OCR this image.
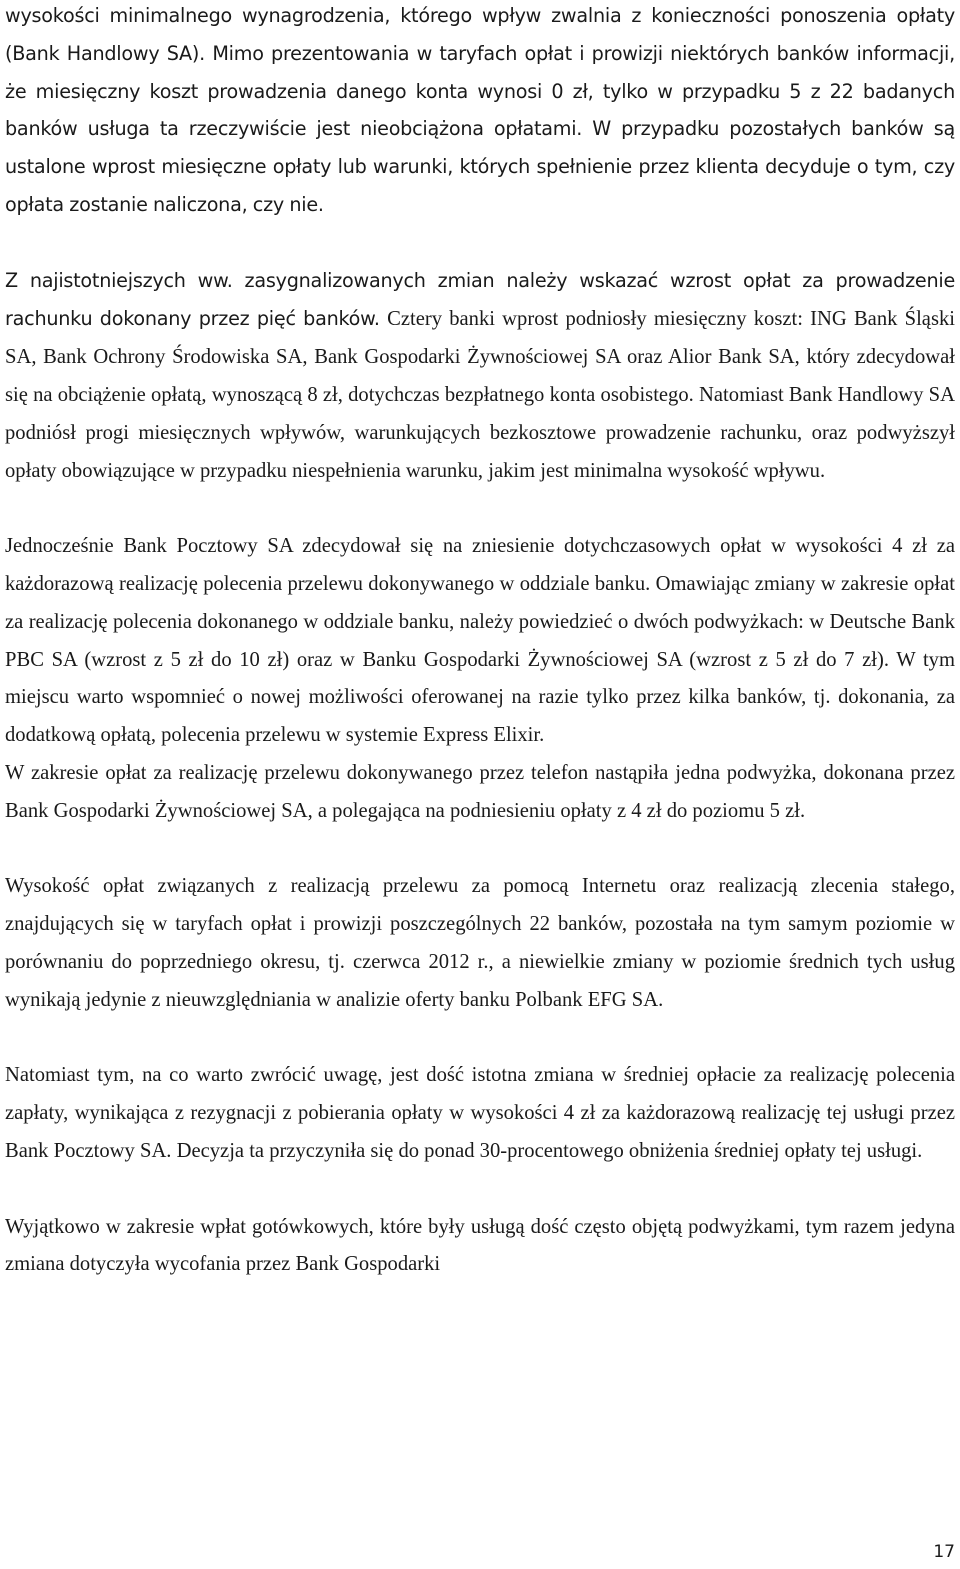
wysokości minimalnego wynagrodzenia, którego wpływ zwalnia z konieczności ponoszenia opłaty (Bank Handlowy SA). Mimo prezentowania w taryfach opłat i prowizji niektórych banków informacji, że miesięczny koszt prowadzenia danego konta wynosi 0 zł, tylko w przypadku 5 z 22 badanych banków usługa ta rzeczywiście jest nieobciążona opłatami. W przypadku pozostałych banków są ustalone wprost miesięczne opłaty lub warunki, których spełnienie przez klienta decyduje o tym, czy opłata zostanie naliczona, czy nie.

Z najistotniejszych ww. zasygnalizowanych zmian należy wskazać wzrost opłat za prowadzenie rachunku dokonany przez pięć banków. Cztery banki wprost podniosły miesięczny koszt: ING Bank Śląski SA, Bank Ochrony Środowiska SA, Bank Gospodarki Żywnościowej SA oraz Alior Bank SA, który zdecydował się na obciążenie opłatą, wynoszącą 8 zł, dotychczas bezpłatnego konta osobistego. Natomiast Bank Handlowy SA podniósł progi miesięcznych wpływów, warunkujących bezkosztowe prowadzenie rachunku, oraz podwyższył opłaty obowiązujące w przypadku niespełnienia warunku, jakim jest minimalna wysokość wpływu.

Jednocześnie Bank Pocztowy SA zdecydował się na zniesienie dotychczasowych opłat w wysokości 4 zł za każdorazową realizację polecenia przelewu dokonywanego w oddziale banku. Omawiając zmiany w zakresie opłat za realizację polecenia dokonanego w oddziale banku, należy powiedzieć o dwóch podwyżkach: w Deutsche Bank PBC SA (wzrost z 5 zł do 10 zł) oraz w Banku Gospodarki Żywnościowej SA (wzrost z 5 zł do 7 zł). W tym miejscu warto wspomnieć o nowej możliwości oferowanej na razie tylko przez kilka banków, tj. dokonania, za dodatkową opłatą, polecenia przelewu w systemie Express Elixir.

W zakresie opłat za realizację przelewu dokonywanego przez telefon nastąpiła jedna podwyżka, dokonana przez Bank Gospodarki Żywnościowej SA, a polegająca na podniesieniu opłaty z 4 zł do poziomu 5 zł.

Wysokość opłat związanych z realizacją przelewu za pomocą Internetu oraz realizacją zlecenia stałego, znajdujących się w taryfach opłat i prowizji poszczególnych 22 banków, pozostała na tym samym poziomie w porównaniu do poprzedniego okresu, tj. czerwca 2012 r., a niewielkie zmiany w poziomie średnich tych usług wynikają jedynie z nieuwzględniania w analizie oferty banku Polbank EFG SA.

Natomiast tym, na co warto zwrócić uwagę, jest dość istotna zmiana w średniej opłacie za realizację polecenia zapłaty, wynikająca z rezygnacji z pobierania opłaty w wysokości 4 zł za każdorazową realizację tej usługi przez Bank Pocztowy SA. Decyzja ta przyczyniła się do ponad 30-procentowego obniżenia średniej opłaty tej usługi.

Wyjątkowo w zakresie wpłat gotówkowych, które były usługą dość często objętą podwyżkami, tym razem jedyna zmiana dotyczyła wycofania przez Bank Gospodarki

17
